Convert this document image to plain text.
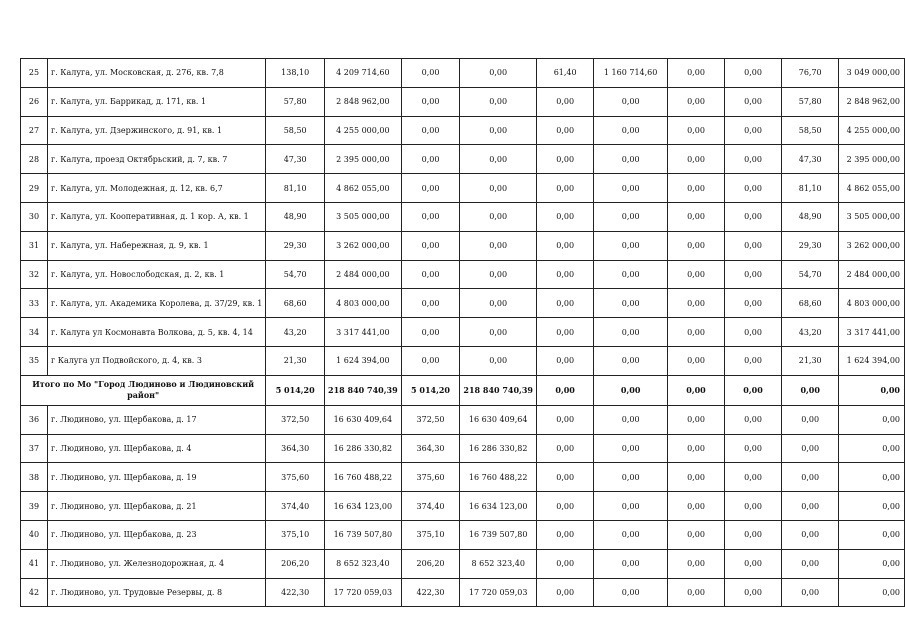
25	г. Калуга, ул. Московская, д. 276, кв. 7,8	138,10	4 209 714,60	0,00	0,00	61,40	1 160 714,60	0,00	0,00	76,70	3 049 000,00
26	г. Калуга, ул. Баррикад, д. 171, кв. 1	57,80	2 848 962,00	0,00	0,00	0,00	0,00	0,00	0,00	57,80	2 848 962,00
27	г. Калуга, ул. Дзержинского, д. 91, кв. 1	58,50	4 255 000,00	0,00	0,00	0,00	0,00	0,00	0,00	58,50	4 255 000,00
28	г. Калуга, проезд Октябрьский, д. 7, кв. 7	47,30	2 395 000,00	0,00	0,00	0,00	0,00	0,00	0,00	47,30	2 395 000,00
29	г. Калуга, ул. Молодежная, д. 12, кв. 6,7	81,10	4 862 055,00	0,00	0,00	0,00	0,00	0,00	0,00	81,10	4 862 055,00
30	г. Калуга, ул. Кооперативная, д. 1 кор. А, кв. 1	48,90	3 505 000,00	0,00	0,00	0,00	0,00	0,00	0,00	48,90	3 505 000,00
31	г. Калуга, ул. Набережная, д. 9, кв. 1	29,30	3 262 000,00	0,00	0,00	0,00	0,00	0,00	0,00	29,30	3 262 000,00
32	г. Калуга, ул. Новослободская, д. 2, кв. 1	54,70	2 484 000,00	0,00	0,00	0,00	0,00	0,00	0,00	54,70	2 484 000,00
33	г. Калуга, ул. Академика Королева, д. 37/29, кв. 1	68,60	4 803 000,00	0,00	0,00	0,00	0,00	0,00	0,00	68,60	4 803 000,00
34	г. Калуга ул Космонавта Волкова, д. 5, кв. 4, 14	43,20	3 317 441,00	0,00	0,00	0,00	0,00	0,00	0,00	43,20	3 317 441,00
35	г Калуга ул Подвойского, д. 4, кв. 3	21,30	1 624 394,00	0,00	0,00	0,00	0,00	0,00	0,00	21,30	1 624 394,00
Итого по Мо "Город Людиново и Людиновский район"		5 014,20	218 840 740,39	5 014,20	218 840 740,39	0,00	0,00	0,00	0,00	0,00	0,00
36	г. Людиново, ул. Щербакова, д. 17	372,50	16 630 409,64	372,50	16 630 409,64	0,00	0,00	0,00	0,00	0,00	0,00
37	г. Людиново, ул. Щербакова, д. 4	364,30	16 286 330,82	364,30	16 286 330,82	0,00	0,00	0,00	0,00	0,00	0,00
38	г. Людиново, ул. Щербакова, д. 19	375,60	16 760 488,22	375,60	16 760 488,22	0,00	0,00	0,00	0,00	0,00	0,00
39	г. Людиново, ул. Щербакова, д. 21	374,40	16 634 123,00	374,40	16 634 123,00	0,00	0,00	0,00	0,00	0,00	0,00
40	г. Людиново, ул. Щербакова, д. 23	375,10	16 739 507,80	375,10	16 739 507,80	0,00	0,00	0,00	0,00	0,00	0,00
41	г. Людиново, ул. Железнодорожная, д. 4	206,20	8 652 323,40	206,20	8 652 323,40	0,00	0,00	0,00	0,00	0,00	0,00
42	г. Людиново, ул. Трудовые Резервы, д. 8	422,30	17 720 059,03	422,30	17 720 059,03	0,00	0,00	0,00	0,00	0,00	0,00
